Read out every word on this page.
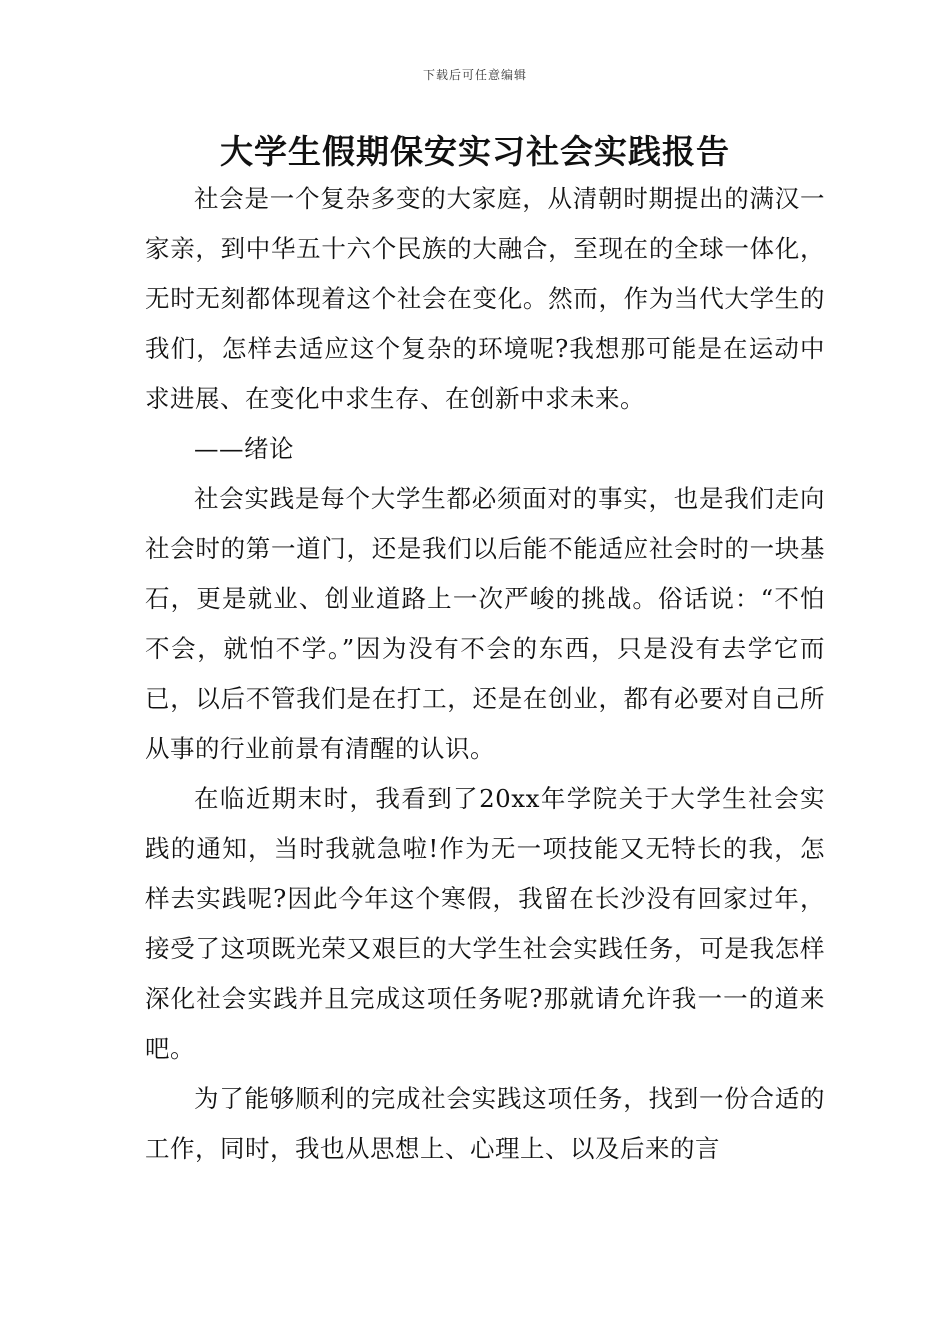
下载后可任意编辑
大学生假期保安实习社会实践报告

社会是一个复杂多变的大家庭，从清朝时期提出的满汉一家亲，到中华五十六个民族的大融合，至现在的全球一体化，无时无刻都体现着这个社会在变化。然而，作为当代大学生的我们，怎样去适应这个复杂的环境呢?我想那可能是在运动中求进展、在变化中求生存、在创新中求未来。

——绪论

社会实践是每个大学生都必须面对的事实，也是我们走向社会时的第一道门，还是我们以后能不能适应社会时的一块基石，更是就业、创业道路上一次严峻的挑战。俗话说：“不怕不会，就怕不学。”因为没有不会的东西，只是没有去学它而已，以后不管我们是在打工，还是在创业，都有必要对自己所从事的行业前景有清醒的认识。

在临近期末时，我看到了20xx年学院关于大学生社会实践的通知，当时我就急啦!作为无一项技能又无特长的我，怎样去实践呢?因此今年这个寒假，我留在长沙没有回家过年，接受了这项既光荣又艰巨的大学生社会实践任务，可是我怎样深化社会实践并且完成这项任务呢?那就请允许我一一的道来吧。

为了能够顺利的完成社会实践这项任务，找到一份合适的工作，同时，我也从思想上、心理上、以及后来的言
